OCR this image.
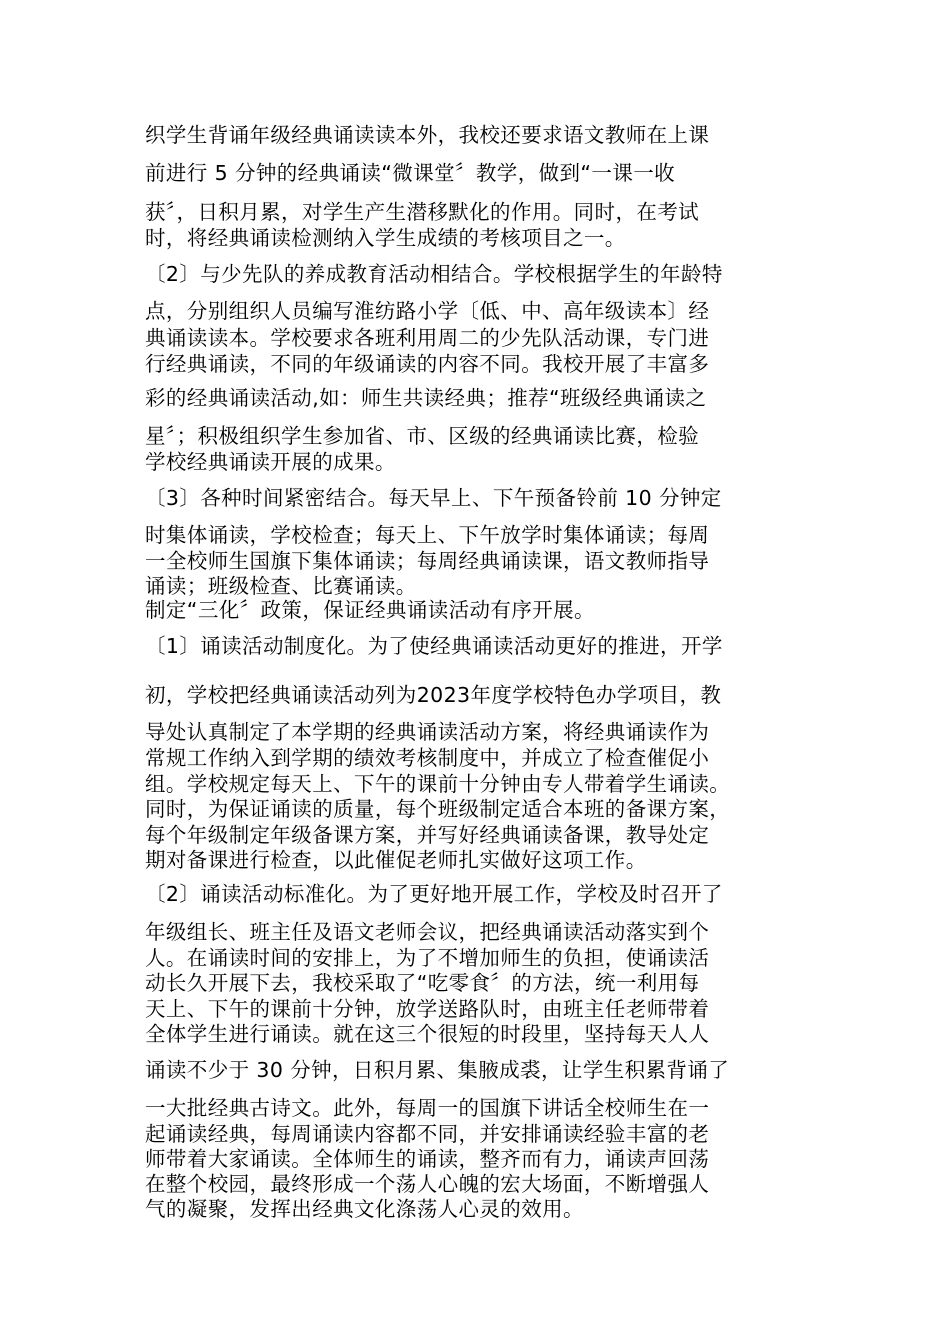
织学生背诵年级经典诵读读本外，我校还要求语文教师在上课

前进行 5 分钟的经典诵读“微课堂〞教学，做到“一课一收

获〞，日积月累，对学生产生潜移默化的作用。同时，在考试

时，将经典诵读检测纳入学生成绩的考核项目之一。

〔2〕与少先队的养成教育活动相结合。学校根据学生的年龄特

点，分别组织人员编写淮纺路小学〔低、中、高年级读本〕经

典诵读读本。学校要求各班利用周二的少先队活动课，专门进

行经典诵读，不同的年级诵读的内容不同。我校开展了丰富多

彩的经典诵读活动,如：师生共读经典；推荐“班级经典诵读之

星〞；积极组织学生参加省、市、区级的经典诵读比赛，检验

学校经典诵读开展的成果。

〔3〕各种时间紧密结合。每天早上、下午预备铃前 10 分钟定

时集体诵读，学校检查；每天上、下午放学时集体诵读；每周

一全校师生国旗下集体诵读；每周经典诵读课，语文教师指导

诵读；班级检查、比赛诵读。

制定“三化〞政策，保证经典诵读活动有序开展。

〔1〕诵读活动制度化。为了使经典诵读活动更好的推进，开学

初，学校把经典诵读活动列为2023年度学校特色办学项目，教

导处认真制定了本学期的经典诵读活动方案，将经典诵读作为

常规工作纳入到学期的绩效考核制度中，并成立了检查催促小

组。学校规定每天上、下午的课前十分钟由专人带着学生诵读。

同时，为保证诵读的质量，每个班级制定适合本班的备课方案，

每个年级制定年级备课方案，并写好经典诵读备课，教导处定

期对备课进行检查，以此催促老师扎实做好这项工作。

〔2〕诵读活动标准化。为了更好地开展工作，学校及时召开了

年级组长、班主任及语文老师会议，把经典诵读活动落实到个

人。在诵读时间的安排上，为了不增加师生的负担，使诵读活

动长久开展下去，我校采取了“吃零食〞的方法，统一利用每

天上、下午的课前十分钟，放学送路队时，由班主任老师带着

全体学生进行诵读。就在这三个很短的时段里，坚持每天人人

诵读不少于 30 分钟，日积月累、集腋成裘，让学生积累背诵了

一大批经典古诗文。此外，每周一的国旗下讲话全校师生在一

起诵读经典，每周诵读内容都不同，并安排诵读经验丰富的老

师带着大家诵读。全体师生的诵读，整齐而有力，诵读声回荡

在整个校园，最终形成一个荡人心魄的宏大场面，不断增强人

气的凝聚，发挥出经典文化涤荡人心灵的效用。
